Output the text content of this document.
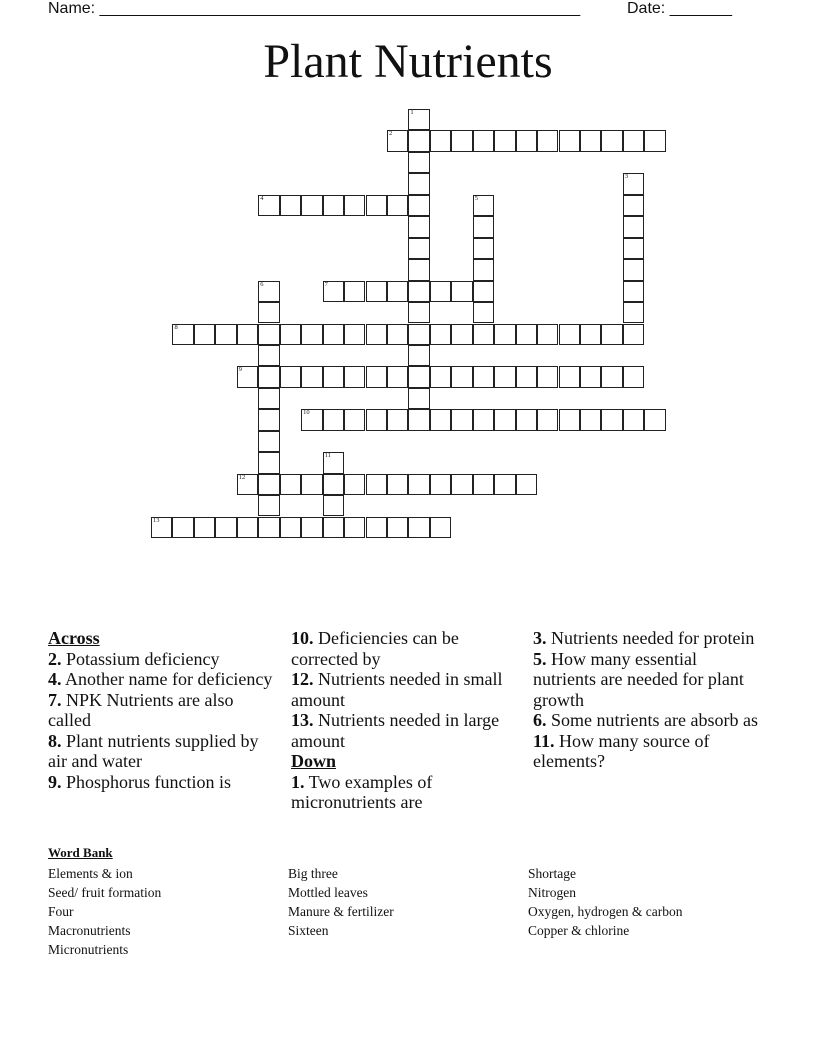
Name: ______________________________________________________	Date: _______
Plant Nutrients
1
2
3
4	5
6	7
8
9
10
11
12
13
Across
2. Potassium deficiency
4. Another name for deficiency
7. NPK Nutrients are also called
8. Plant nutrients supplied by air and water
9. Phosphorus function is
10. Deficiencies can be corrected by
12. Nutrients needed in small amount
13. Nutrients needed in large amount
Down
1. Two examples of micronutrients are
3. Nutrients needed for protein
5. How many essential nutrients are needed for plant growth
6. Some nutrients are absorb as
11. How many source of elements?
Word Bank
Elements & ion
Seed/ fruit formation
Four
Macronutrients
Micronutrients
Big three
Mottled leaves
Manure & fertilizer
Sixteen
Shortage
Nitrogen
Oxygen, hydrogen & carbon
Copper & chlorine
